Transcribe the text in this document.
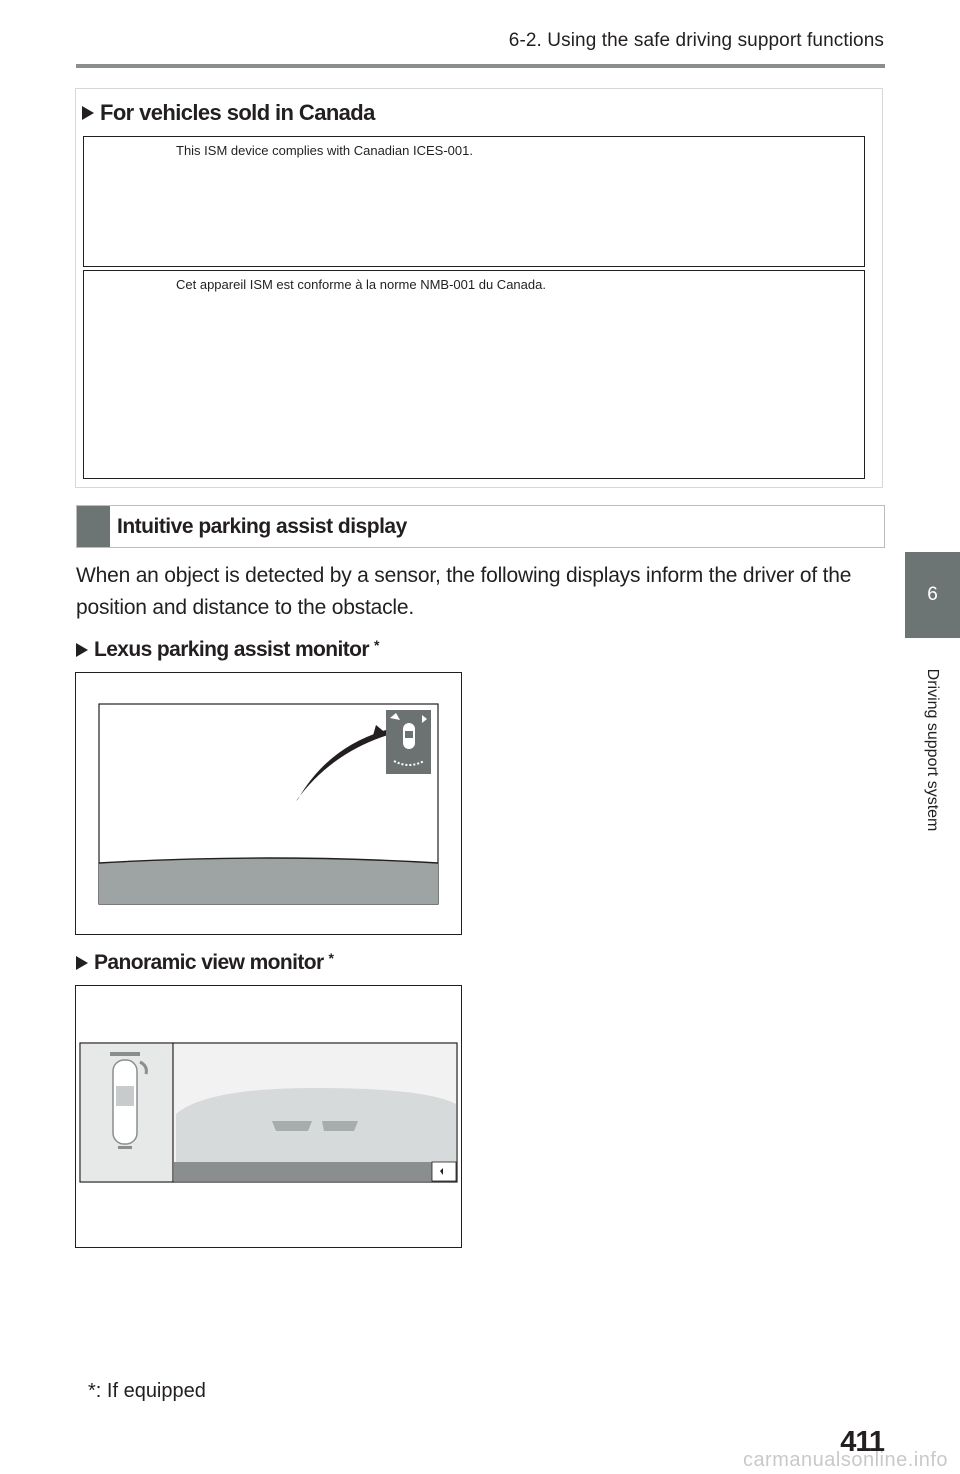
6-2. Using the safe driving support functions
6
Driving support system
For vehicles sold in Canada
This ISM device complies with Canadian ICES-001.
Cet appareil ISM est conforme à la norme NMB-001 du Canada.
Intuitive parking assist display
When an object is detected by a sensor, the following displays inform the driver of the position and distance to the obstacle.
Lexus parking assist monitor *
Panoramic view monitor *
*: If equipped
411
carmanualsonline.info
